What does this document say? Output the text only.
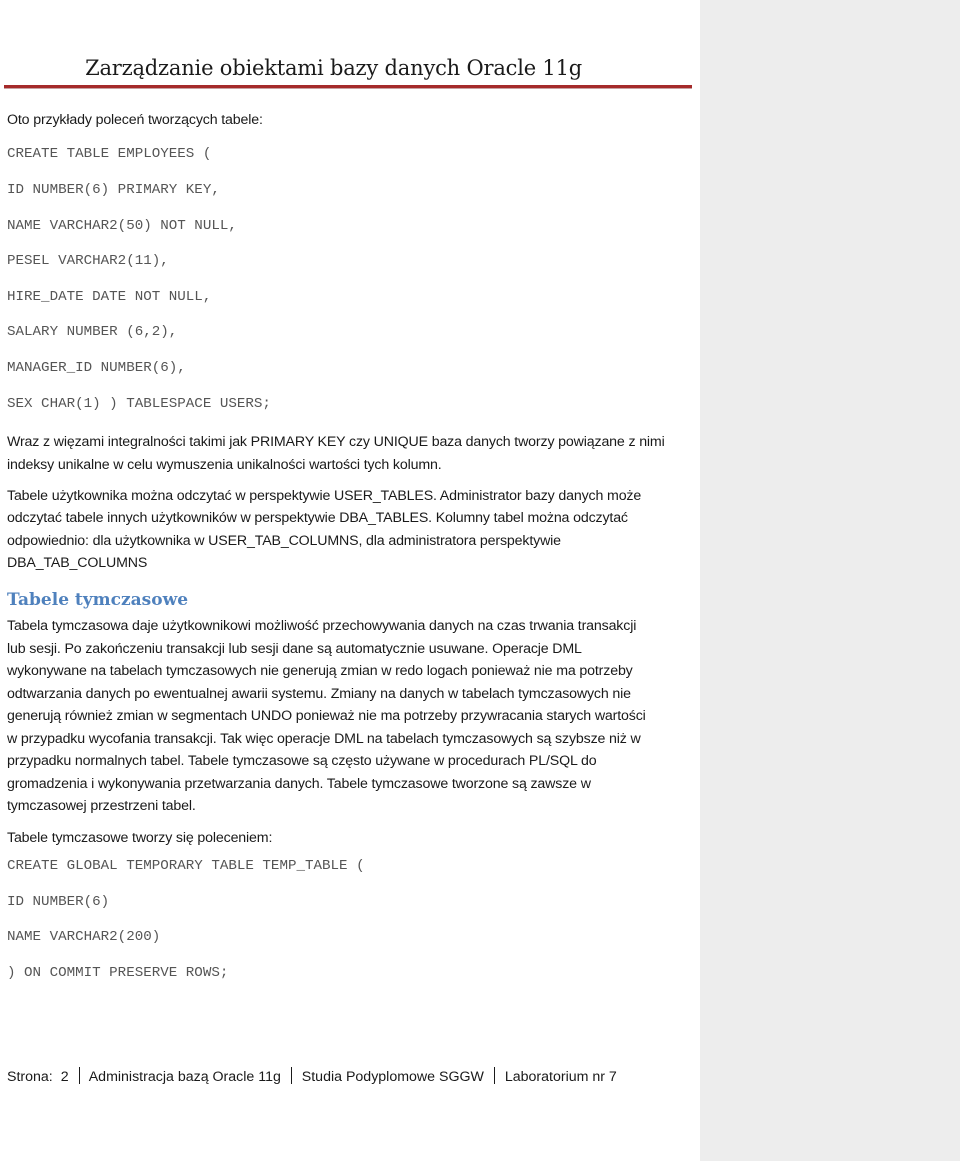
Zarządzanie obiektami bazy danych Oracle 11g
Oto przykłady poleceń tworzących tabele:
CREATE TABLE EMPLOYEES (
ID NUMBER(6) PRIMARY KEY,
NAME VARCHAR2(50) NOT NULL,
PESEL VARCHAR2(11),
HIRE_DATE DATE NOT NULL,
SALARY NUMBER (6,2),
MANAGER_ID NUMBER(6),
SEX CHAR(1) ) TABLESPACE USERS;
Wraz z więzami integralności takimi jak PRIMARY KEY czy UNIQUE baza danych tworzy powiązane z nimi
indeksy unikalne w celu wymuszenia unikalności wartości tych kolumn.
Tabele użytkownika można odczytać w perspektywie USER_TABLES. Administrator bazy danych może
odczytać tabele innych użytkowników w perspektywie DBA_TABLES. Kolumny tabel można odczytać
odpowiednio: dla użytkownika w USER_TAB_COLUMNS, dla administratora perspektywie
DBA_TAB_COLUMNS
Tabele tymczasowe
Tabela tymczasowa daje użytkownikowi możliwość przechowywania danych na czas trwania transakcji
lub sesji. Po zakończeniu transakcji lub sesji dane są automatycznie usuwane. Operacje DML
wykonywane na tabelach tymczasowych nie generują zmian w redo logach ponieważ nie ma potrzeby
odtwarzania danych po ewentualnej awarii systemu. Zmiany na danych w tabelach tymczasowych nie
generują również zmian w segmentach UNDO ponieważ nie ma potrzeby przywracania starych wartości
w przypadku wycofania transakcji. Tak więc operacje DML na tabelach tymczasowych są szybsze niż w
przypadku normalnych tabel. Tabele tymczasowe są często używane w procedurach PL/SQL do
gromadzenia i wykonywania przetwarzania danych. Tabele tymczasowe tworzone są zawsze w
tymczasowej przestrzeni tabel.
Tabele tymczasowe tworzy się poleceniem:
CREATE GLOBAL TEMPORARY TABLE TEMP_TABLE (
ID NUMBER(6)
NAME VARCHAR2(200)
) ON COMMIT PRESERVE ROWS;
Strona: 2 Administracja bazą Oracle 11g Studia Podyplomowe SGGW Laboratorium nr 7
